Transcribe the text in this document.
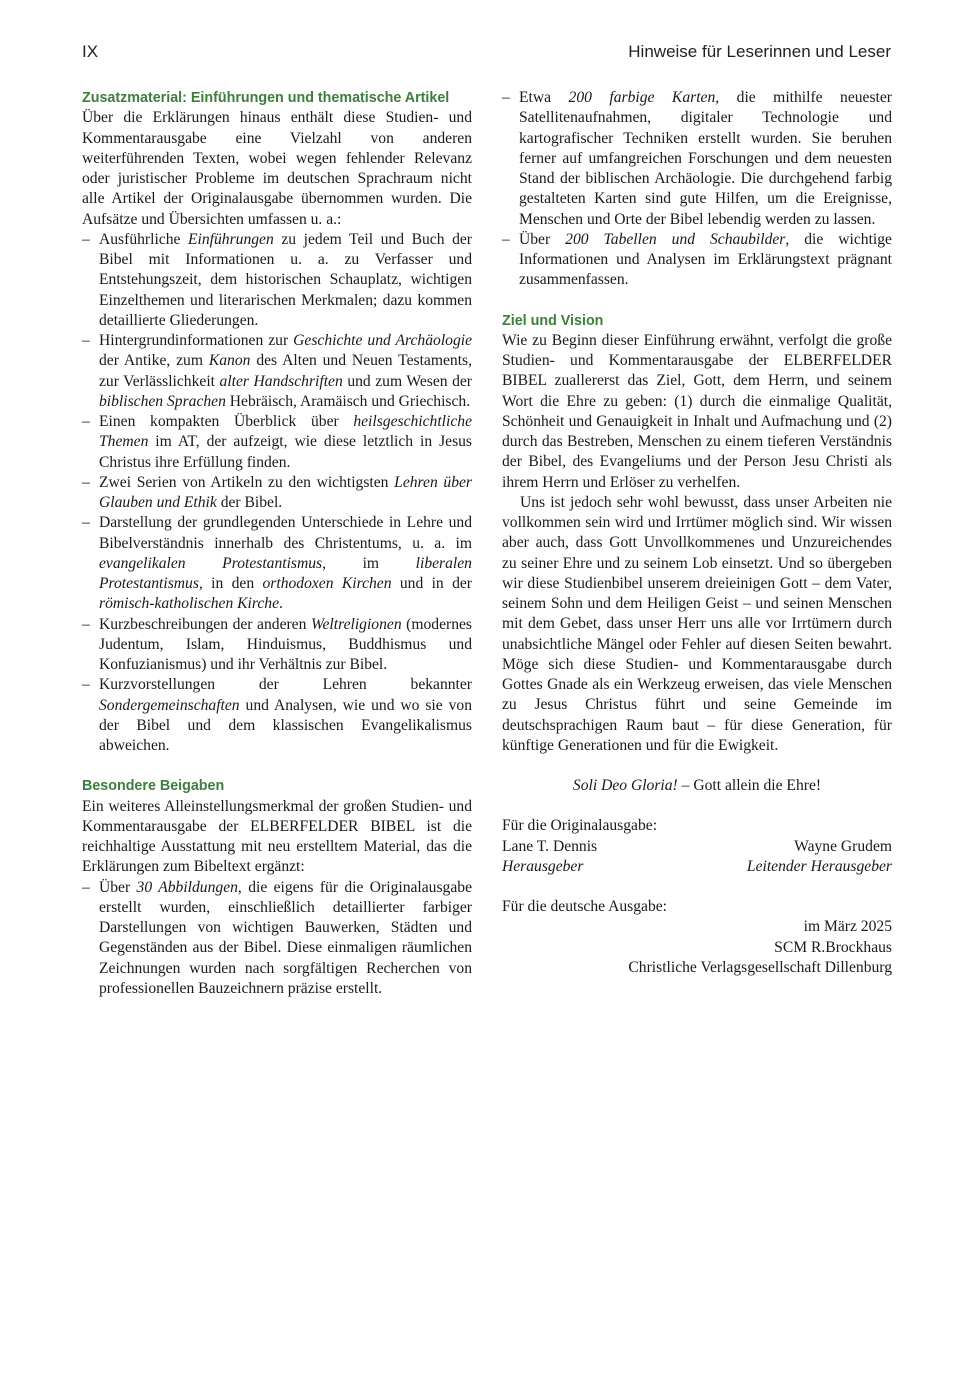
IX	Hinweise für Leserinnen und Leser
Zusatzmaterial: Einführungen und thematische Artikel

Über die Erklärungen hinaus enthält diese Studien- und Kommentarausgabe eine Vielzahl von anderen weiterführenden Texten, wobei wegen fehlender Relevanz oder juristischer Probleme im deutschen Sprachraum nicht alle Artikel der Originalausgabe übernommen wurden. Die Aufsätze und Übersichten umfassen u. a.:

– Ausführliche Einführungen zu jedem Teil und Buch der Bibel mit Informationen u. a. zu Verfasser und Entstehungszeit, dem historischen Schauplatz, wichtigen Einzelthemen und literarischen Merkmalen; dazu kommen detaillierte Gliederungen.
– Hintergrundinformationen zur Geschichte und Archäologie der Antike, zum Kanon des Alten und Neuen Testaments, zur Verlässlichkeit alter Handschriften und zum Wesen der biblischen Sprachen Hebräisch, Aramäisch und Griechisch.
– Einen kompakten Überblick über heilsgeschichtliche Themen im AT, der aufzeigt, wie diese letztlich in Jesus Christus ihre Erfüllung finden.
– Zwei Serien von Artikeln zu den wichtigsten Lehren über Glauben und Ethik der Bibel.
– Darstellung der grundlegenden Unterschiede in Lehre und Bibelverständnis innerhalb des Christentums, u. a. im evangelikalen Protestantismus, im liberalen Protestantismus, in den orthodoxen Kirchen und in der römisch-katholischen Kirche.
– Kurzbeschreibungen der anderen Weltreligionen (modernes Judentum, Islam, Hinduismus, Buddhismus und Konfuzianismus) und ihr Verhältnis zur Bibel.
– Kurzvorstellungen der Lehren bekannter Sondergemeinschaften und Analysen, wie und wo sie von der Bibel und dem klassischen Evangelikalismus abweichen.
Besondere Beigaben

Ein weiteres Alleinstellungsmerkmal der großen Studien- und Kommentarausgabe der ELBERFELDER BIBEL ist die reichhaltige Ausstattung mit neu erstelltem Material, das die Erklärungen zum Bibeltext ergänzt:

– Über 30 Abbildungen, die eigens für die Originalausgabe erstellt wurden, einschließlich detaillierter farbiger Darstellungen von wichtigen Bauwerken, Städten und Gegenständen aus der Bibel. Diese einmaligen räumlichen Zeichnungen wurden nach sorgfältigen Recherchen von professionellen Bauzeichnern präzise erstellt.
– Etwa 200 farbige Karten, die mithilfe neuester Satellitenaufnahmen, digitaler Technologie und kartografischer Techniken erstellt wurden. Sie beruhen ferner auf umfangreichen Forschungen und dem neuesten Stand der biblischen Archäologie. Die durchgehend farbig gestalteten Karten sind gute Hilfen, um die Ereignisse, Menschen und Orte der Bibel lebendig werden zu lassen.
– Über 200 Tabellen und Schaubilder, die wichtige Informationen und Analysen im Erklärungstext prägnant zusammenfassen.
Ziel und Vision

Wie zu Beginn dieser Einführung erwähnt, verfolgt die große Studien- und Kommentarausgabe der ELBERFELDER BIBEL zuallererst das Ziel, Gott, dem Herrn, und seinem Wort die Ehre zu geben: (1) durch die einmalige Qualität, Schönheit und Genauigkeit in Inhalt und Aufmachung und (2) durch das Bestreben, Menschen zu einem tieferen Verständnis der Bibel, des Evangeliums und der Person Jesu Christi als ihrem Herrn und Erlöser zu verhelfen.

Uns ist jedoch sehr wohl bewusst, dass unser Arbeiten nie vollkommen sein wird und Irrtümer möglich sind. Wir wissen aber auch, dass Gott Unvollkommenes und Unzureichendes zu seiner Ehre und zu seinem Lob einsetzt. Und so übergeben wir diese Studienbibel unserem dreieinigen Gott – dem Vater, seinem Sohn und dem Heiligen Geist – und seinen Menschen mit dem Gebet, dass unser Herr uns alle vor Irrtümern durch unabsichtliche Mängel oder Fehler auf diesen Seiten bewahrt. Möge sich diese Studien- und Kommentarausgabe durch Gottes Gnade als ein Werkzeug erweisen, das viele Menschen zu Jesus Christus führt und seine Gemeinde im deutschsprachigen Raum baut – für diese Generation, für künftige Generationen und für die Ewigkeit.

Soli Deo Gloria! – Gott allein die Ehre!

Für die Originalausgabe:

Lane T. Dennis	Wayne Grudem
Herausgeber	Leitender Herausgeber

Für die deutsche Ausgabe:

im März 2025

SCM R.Brockhaus

Christliche Verlagsgesellschaft Dillenburg
